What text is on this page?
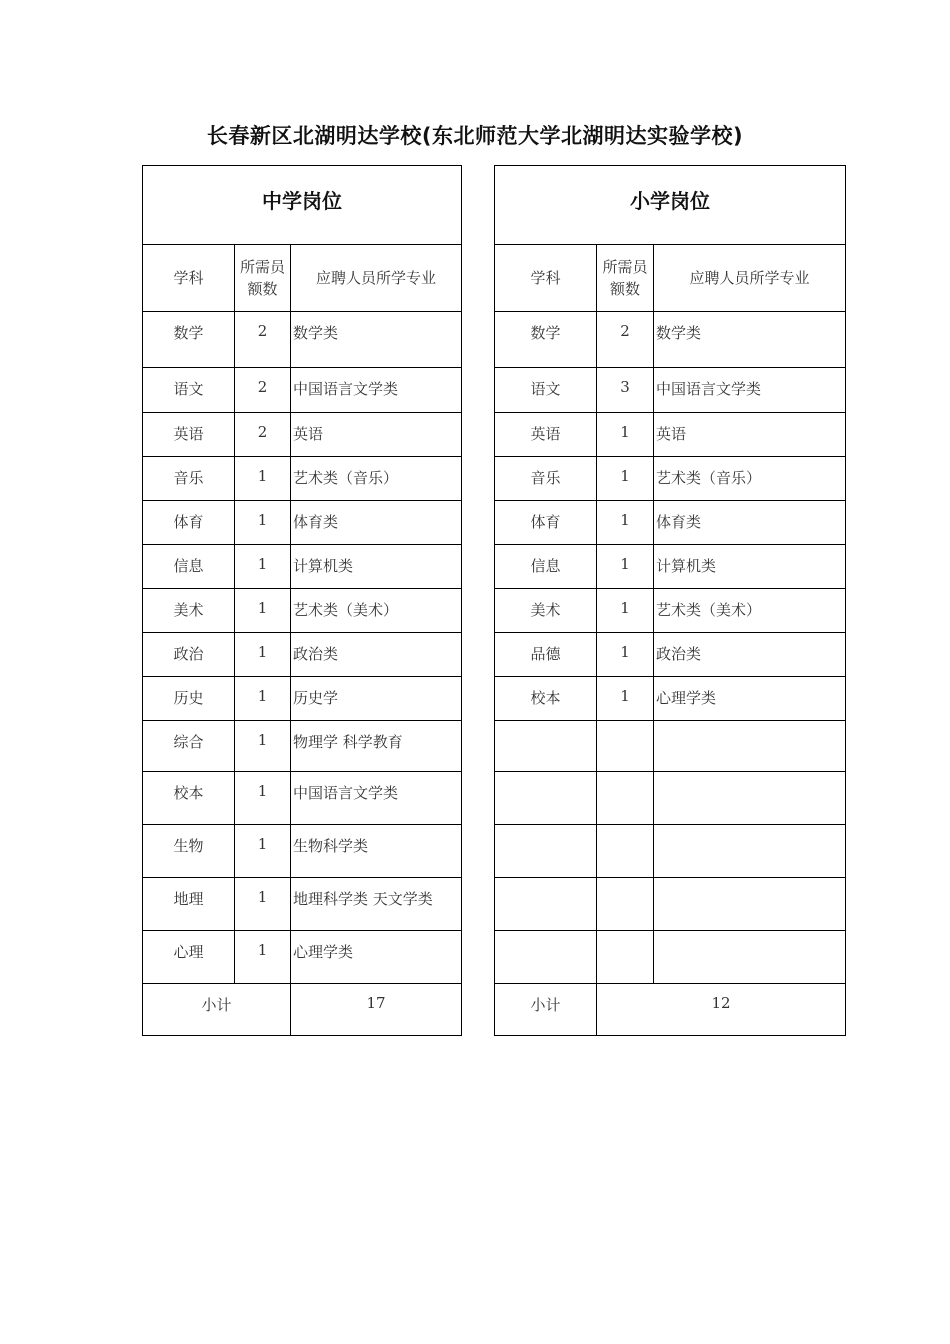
长春新区北湖明达学校(东北师范大学北湖明达实验学校)
中学岗位		
学科	所需员额数	应聘人员所学专业
数学	2	数学类
语文	2	中国语言文学类
英语	2	英语
音乐	1	艺术类（音乐）
体育	1	体育类
信息	1	计算机类
美术	1	艺术类（美术）
政治	1	政治类
历史	1	历史学
综合	1	物理学 科学教育
校本	1	中国语言文学类
生物	1	生物科学类
地理	1	地理科学类 天文学类
心理	1	心理学类
小计		17
小学岗位		
学科	所需员额数	应聘人员所学专业
数学	2	数学类
语文	3	中国语言文学类
英语	1	英语
音乐	1	艺术类（音乐）
体育	1	体育类
信息	1	计算机类
美术	1	艺术类（美术）
品德	1	政治类
校本	1	心理学类

小计	12	
